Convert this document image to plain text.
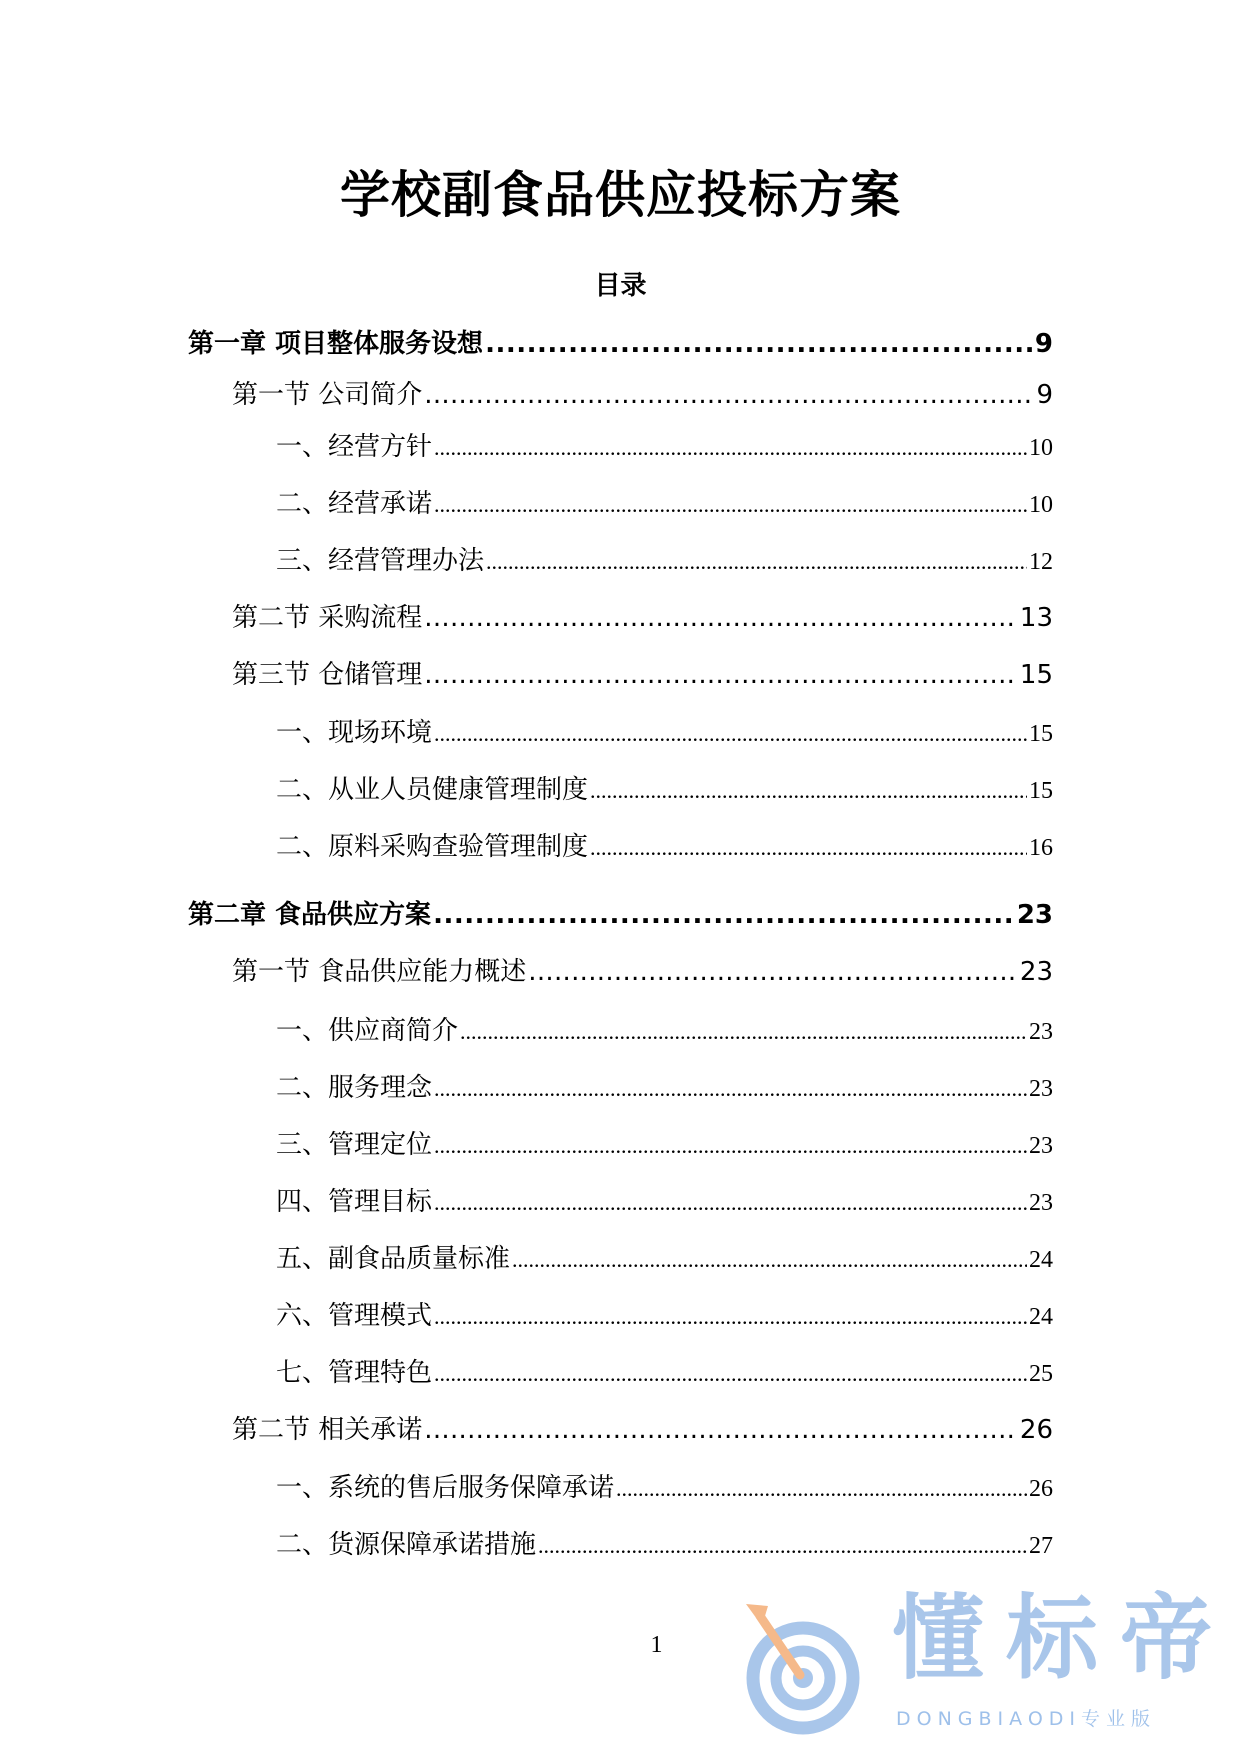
学校副食品供应投标方案
目录
第一章 项目整体服务设想 .....	9
第一节 公司简介 .....	9
一、经营方针 .....	10
二、经营承诺 .....	10
三、经营管理办法 .....	12
第二节 采购流程 .....	13
第三节 仓储管理 .....	15
一、现场环境 .....	15
二、从业人员健康管理制度 .....	15
二、原料采购查验管理制度 .....	16
第二章 食品供应方案 .....	23
第一节 食品供应能力概述 .....	23
一、供应商简介 .....	23
二、服务理念 .....	23
三、管理定位 .....	23
四、管理目标 .....	23
五、副食品质量标准 .....	24
六、管理模式 .....	24
七、管理特色 .....	25
第二节 相关承诺 .....	26
一、系统的售后服务保障承诺 .....	26
二、货源保障承诺措施 .....	27
1	懂标帝
DONGBIAODI专业版
